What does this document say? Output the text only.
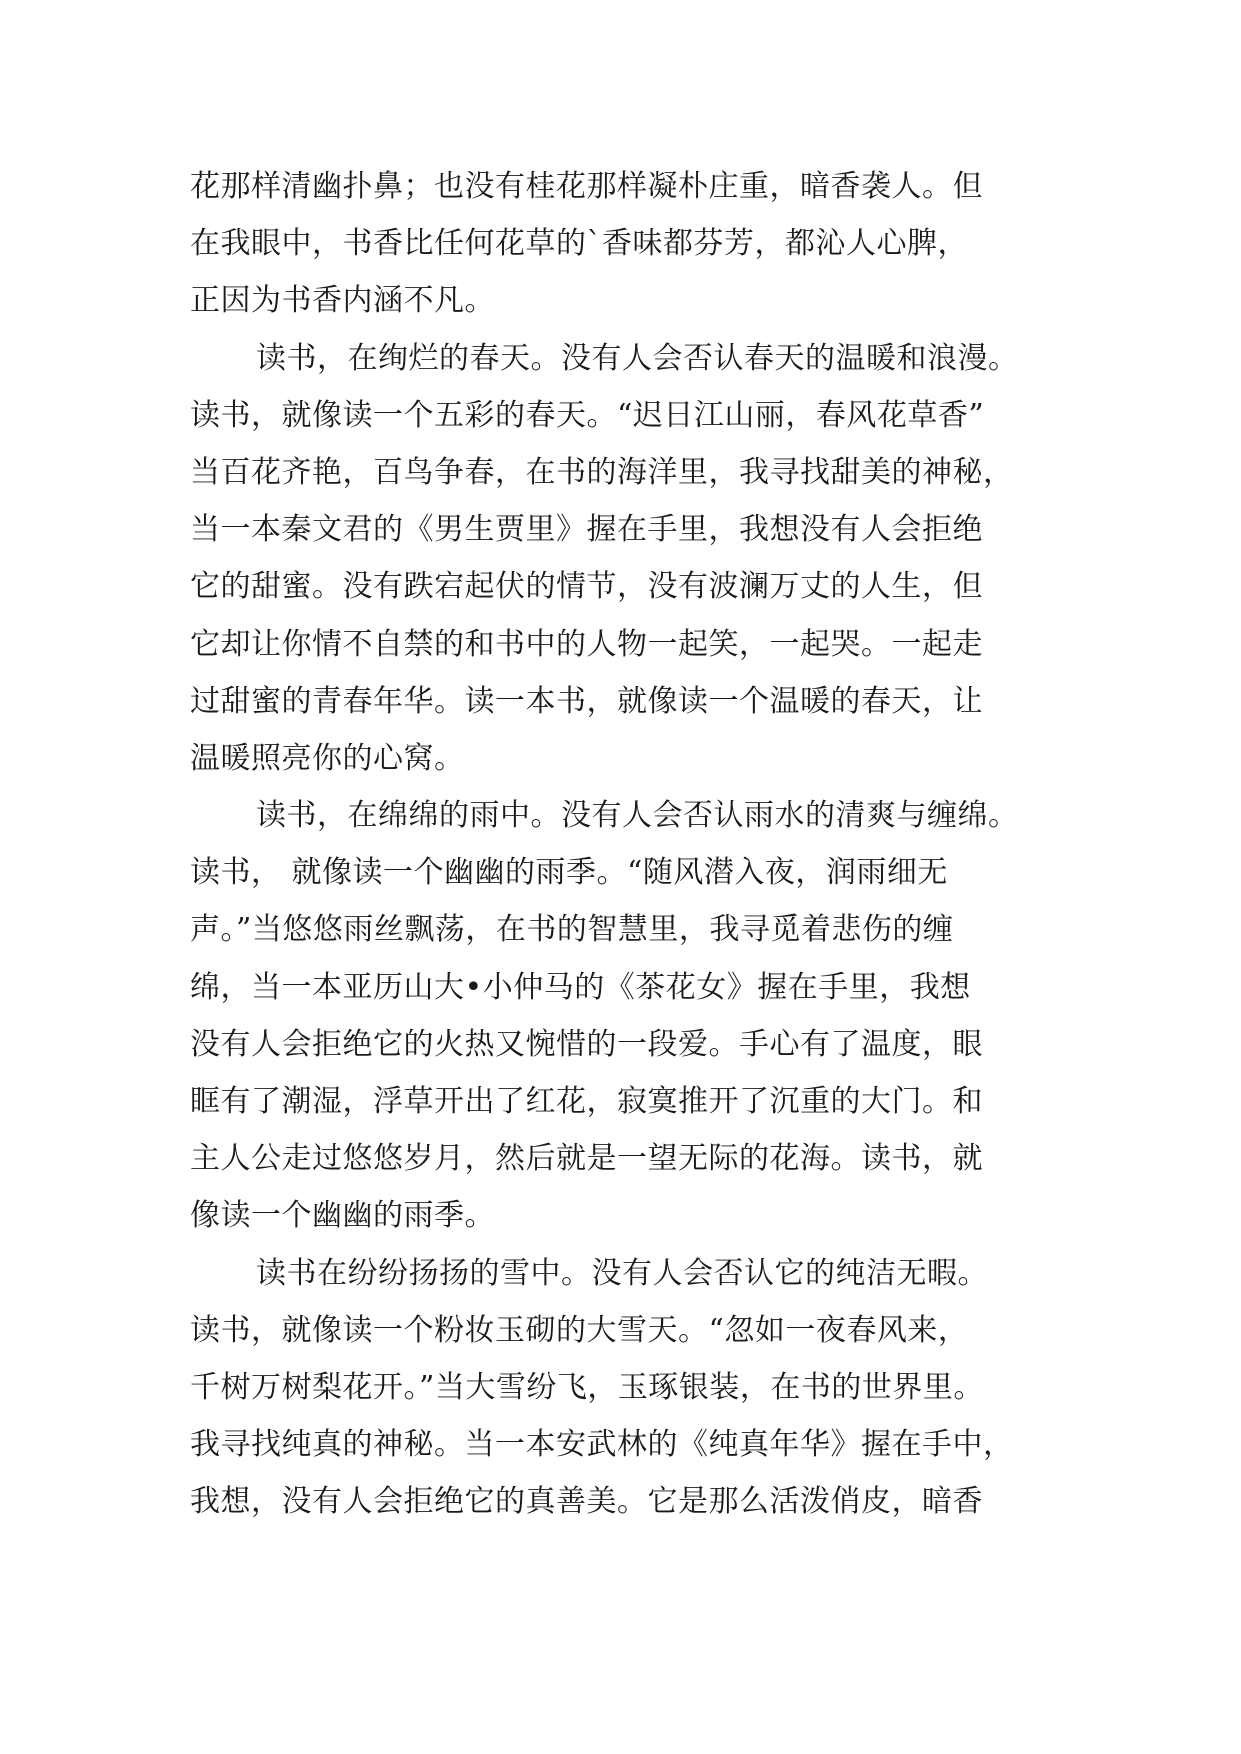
花那样清幽扑鼻；也没有桂花那样凝朴庄重，暗香袭人。但
在我眼中，书香比任何花草的`香味都芬芳，都沁人心脾，
正因为书香内涵不凡。
读书，在绚烂的春天。没有人会否认春天的温暖和浪漫。
读书，就像读一个五彩的春天。“迟日江山丽，春风花草香”
当百花齐艳，百鸟争春，在书的海洋里，我寻找甜美的神秘，
当一本秦文君的《男生贾里》握在手里，我想没有人会拒绝
它的甜蜜。没有跌宕起伏的情节，没有波澜万丈的人生，但
它却让你情不自禁的和书中的人物一起笑，一起哭。一起走
过甜蜜的青春年华。读一本书，就像读一个温暖的春天，让
温暖照亮你的心窝。
读书，在绵绵的雨中。没有人会否认雨水的清爽与缠绵。
读书， 就像读一个幽幽的雨季。“随风潜入夜，润雨细无
声。”当悠悠雨丝飘荡，在书的智慧里，我寻觅着悲伤的缠
绵，当一本亚历山大•小仲马的《茶花女》握在手里，我想
没有人会拒绝它的火热又惋惜的一段爱。手心有了温度，眼
眶有了潮湿，浮草开出了红花，寂寞推开了沉重的大门。和
主人公走过悠悠岁月，然后就是一望无际的花海。读书，就
像读一个幽幽的雨季。
读书在纷纷扬扬的雪中。没有人会否认它的纯洁无暇。
读书，就像读一个粉妆玉砌的大雪天。“忽如一夜春风来，
千树万树梨花开。”当大雪纷飞，玉琢银装，在书的世界里。
我寻找纯真的神秘。当一本安武林的《纯真年华》握在手中，
我想，没有人会拒绝它的真善美。它是那么活泼俏皮，暗香
